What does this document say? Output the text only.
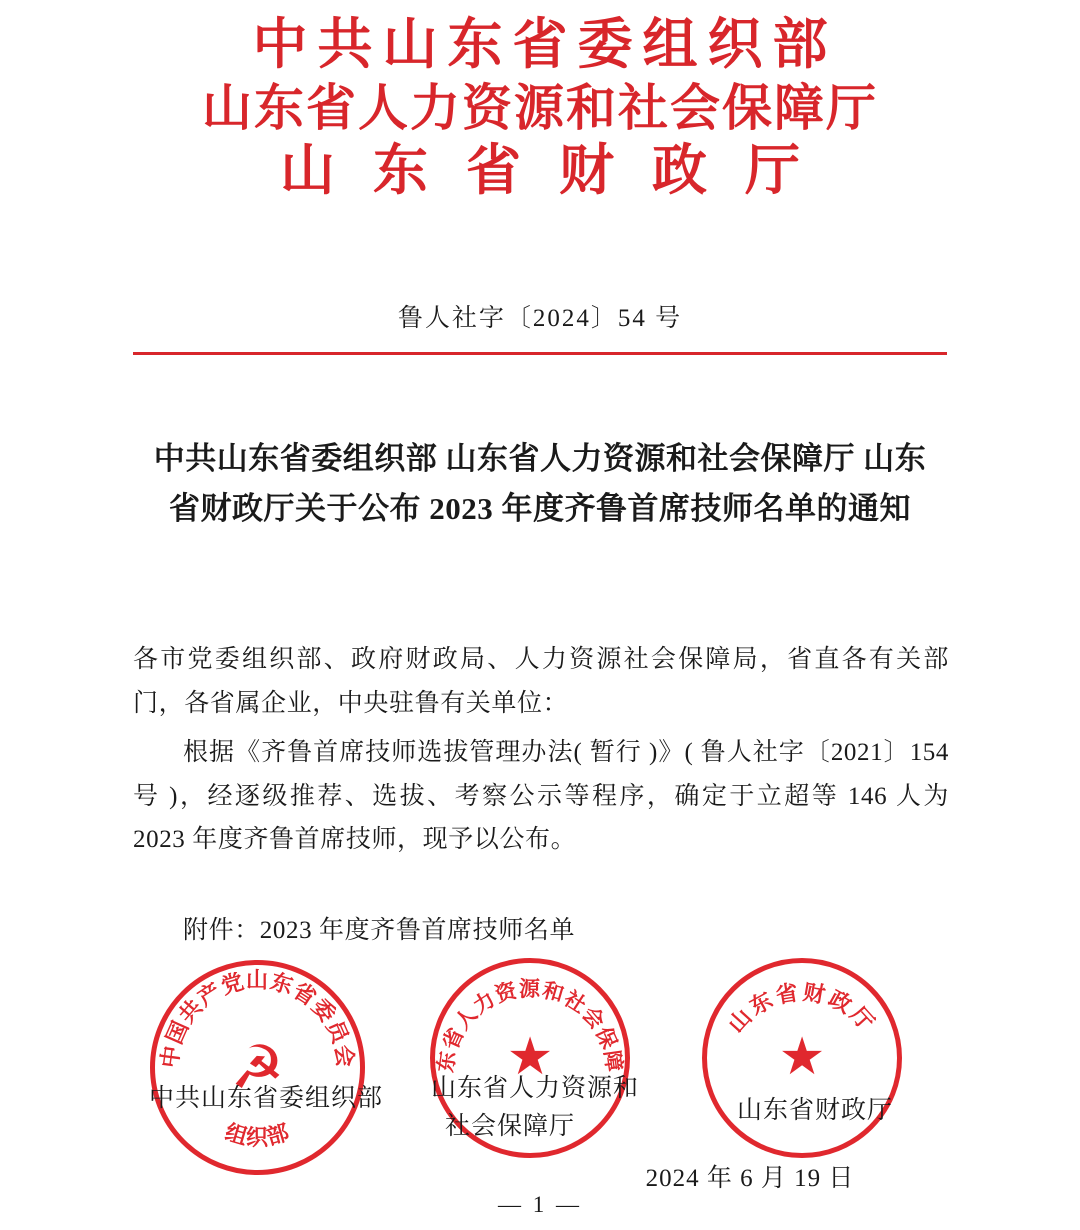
中共山东省委组织部
山东省人力资源和社会保障厅
山东省财政厅
鲁人社字〔2024〕54 号
中共山东省委组织部 山东省人力资源和社会保障厅 山东省财政厅关于公布 2023 年度齐鲁首席技师名单的通知

各市党委组织部、政府财政局、人力资源社会保障局，省直各有关部门，各省属企业，中央驻鲁有关单位：

根据《齐鲁首席技师选拔管理办法( 暂行 )》( 鲁人社字〔2021〕154 号 )，经逐级推荐、选拔、考察公示等程序，确定于立超等 146 人为 2023 年度齐鲁首席技师，现予以公布。

附件：2023 年度齐鲁首席技师名单
中国共产党山东省委员会
组织部
☭
山东省人力资源和社会保障厅
★
山东省财政厅
★
中共山东省委组织部	山东省人力资源和
社会保障厅
山东省财政厅
2024 年 6 月 19 日
— 1 —
